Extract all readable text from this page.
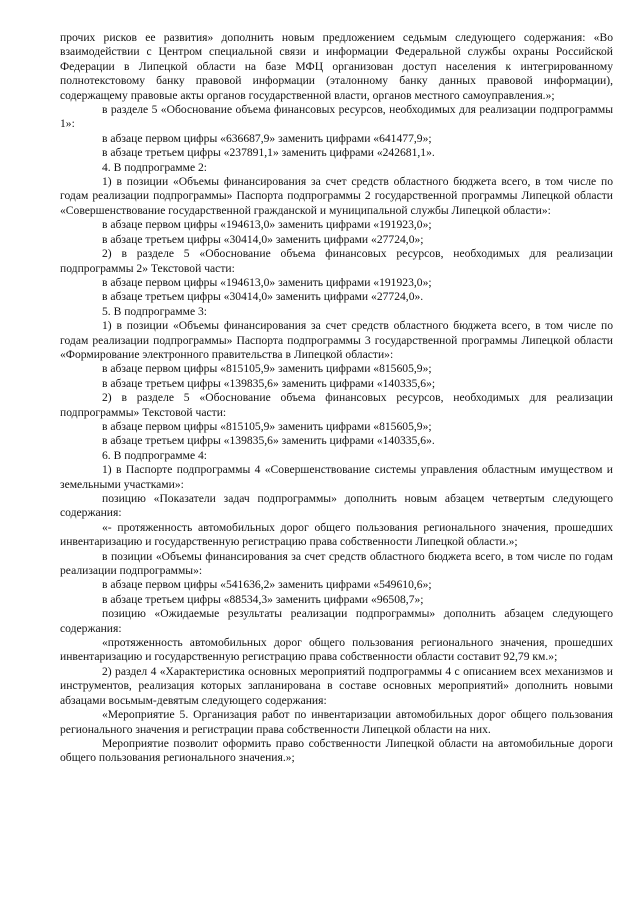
прочих рисков ее развития» дополнить новым предложением седьмым следующего содержания: «Во взаимодействии с Центром специальной связи и информации Федеральной службы охраны Российской Федерации в Липецкой области на базе МФЦ организован доступ населения к интегрированному полнотекстовому банку правовой информации (эталонному банку данных правовой информации), содержащему правовые акты органов государственной власти, органов местного самоуправления.»;

в разделе 5 «Обоснование объема финансовых ресурсов, необходимых для реализации подпрограммы 1»:

в абзаце первом цифры «636687,9» заменить цифрами «641477,9»;

в абзаце третьем цифры «237891,1» заменить цифрами «242681,1».

4. В подпрограмме 2:

1) в позиции «Объемы финансирования за счет средств областного бюджета всего, в том числе по годам реализации подпрограммы» Паспорта подпрограммы 2 государственной программы Липецкой области «Совершенствование государственной гражданской и муниципальной службы Липецкой области»:

в абзаце первом цифры «194613,0» заменить цифрами «191923,0»;

в абзаце третьем цифры «30414,0» заменить цифрами «27724,0»;

2) в разделе 5 «Обоснование объема финансовых ресурсов, необходимых для реализации подпрограммы 2» Текстовой части:

в абзаце первом цифры «194613,0» заменить цифрами «191923,0»;

в абзаце третьем цифры «30414,0» заменить цифрами «27724,0».

5. В подпрограмме 3:

1) в позиции «Объемы финансирования за счет средств областного бюджета всего, в том числе по годам реализации подпрограммы» Паспорта подпрограммы 3 государственной программы Липецкой области «Формирование электронного правительства в Липецкой области»:

в абзаце первом цифры «815105,9» заменить цифрами «815605,9»;

в абзаце третьем цифры «139835,6» заменить цифрами «140335,6»;

2) в разделе 5 «Обоснование объема финансовых ресурсов, необходимых для реализации подпрограммы» Текстовой части:

в абзаце первом цифры «815105,9» заменить цифрами «815605,9»;

в абзаце третьем цифры «139835,6» заменить цифрами «140335,6».

6. В подпрограмме 4:

1) в Паспорте подпрограммы 4 «Совершенствование системы управления областным имуществом и земельными участками»:

позицию «Показатели задач подпрограммы» дополнить новым абзацем четвертым следующего содержания:

«- протяженность автомобильных дорог общего пользования регионального значения, прошедших инвентаризацию и государственную регистрацию права собственности Липецкой области.»;

в позиции «Объемы финансирования за счет средств областного бюджета всего, в том числе по годам реализации подпрограммы»:

в абзаце первом цифры «541636,2» заменить цифрами «549610,6»;

в абзаце третьем цифры «88534,3» заменить цифрами «96508,7»;

позицию «Ожидаемые результаты реализации подпрограммы» дополнить абзацем следующего содержания:

«протяженность автомобильных дорог общего пользования регионального значения, прошедших инвентаризацию и государственную регистрацию права собственности области составит 92,79 км.»;

2) раздел 4 «Характеристика основных мероприятий подпрограммы 4 с описанием всех механизмов и инструментов, реализация которых запланирована в составе основных мероприятий» дополнить новыми абзацами восьмым-девятым следующего содержания:

«Мероприятие 5. Организация работ по инвентаризации автомобильных дорог общего пользования регионального значения и регистрации права собственности Липецкой области на них.

Мероприятие позволит оформить право собственности Липецкой области на автомобильные дороги общего пользования регионального значения.»;
